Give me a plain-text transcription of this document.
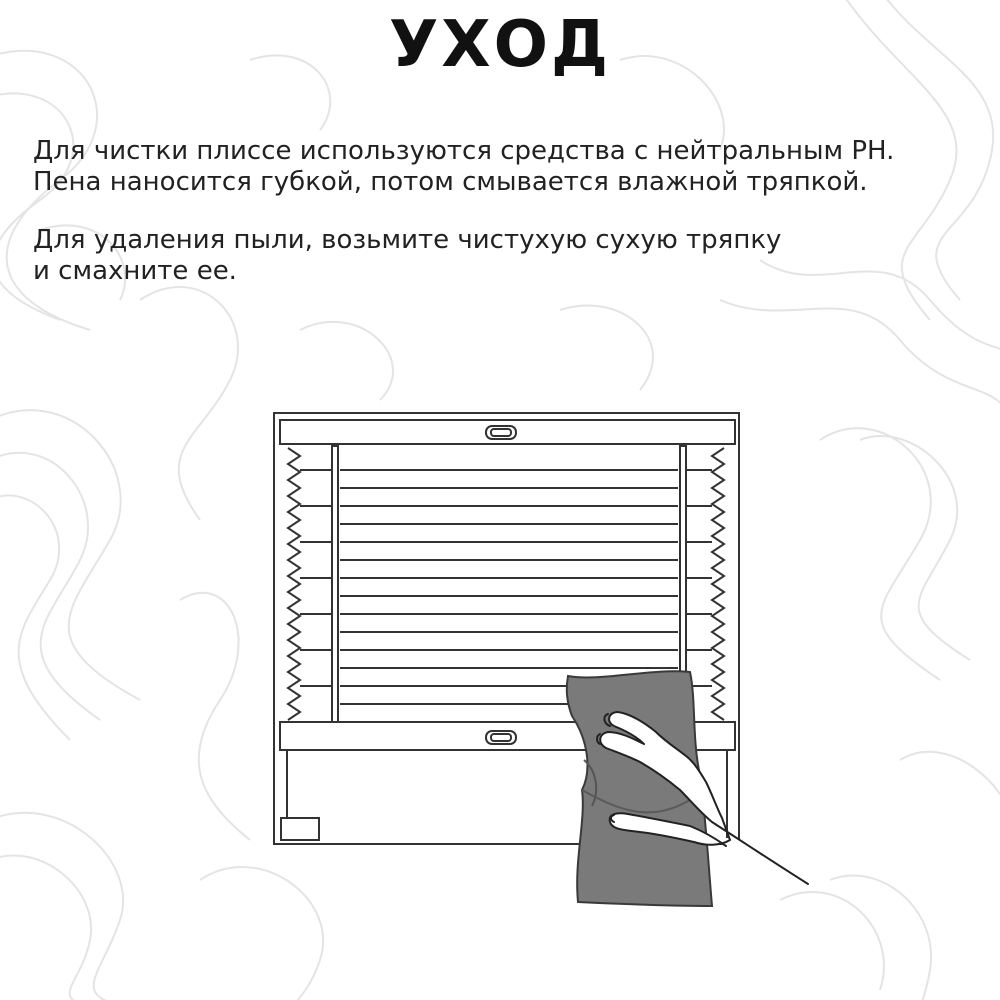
УХОД

Для чистки плиссе используются средства с нейтральным PH.
Пена наносится губкой, потом смывается влажной тряпкой.

Для удаления пыли, возьмите чистухую сухую тряпку
и смахните ее.
